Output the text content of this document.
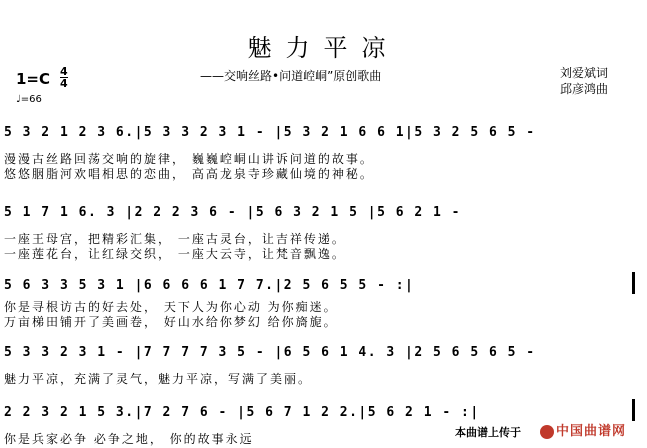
魅力平凉
——交响丝路•问道崆峒”原创歌曲	刘爱斌词
邱彦鸿曲
1=C 4
4
♩=66
5 3 2 1 2 3 6.|5 3 3 2 3 1 - |5 3 2 1 6 6 1|5 3 2 5 6 5 -
漫漫古丝路回荡交响的旋律， 巍巍崆峒山讲诉问道的故事。
悠悠胭脂河欢唱相思的恋曲， 高高龙泉寺珍藏仙境的神秘。
5 1 7 1 6. 3 |2 2 2 3 6 - |5 6 3 2 1 5 |5 6 2 1 -
一座王母宫，把精彩汇集， 一座古灵台，让吉祥传递。
一座莲花台，让红绿交织， 一座大云寺，让梵音飘逸。
5 6 3 3 5 3 1 |6 6 6 6 1 7 7.|2 5 6 5 5 - :|
你是寻根访古的好去处， 天下人为你心动 为你痴迷。
万亩梯田铺开了美画卷， 好山水给你梦幻 给你旖旎。
5 3 3 2 3 1 - |7 7 7 7 3 5 - |6 5 6 1 4. 3 |2 5 6 5 6 5 -
魅力平凉，充满了灵气，魅力平凉，写满了美丽。
2 2 3 2 1 5 3.|7 2 7 6 - |5 6 7 1 2 2.|5 6 2 1 - :|
你是兵家必争 必争之地， 你的故事永远	本曲谱上传于	中国曲谱网
